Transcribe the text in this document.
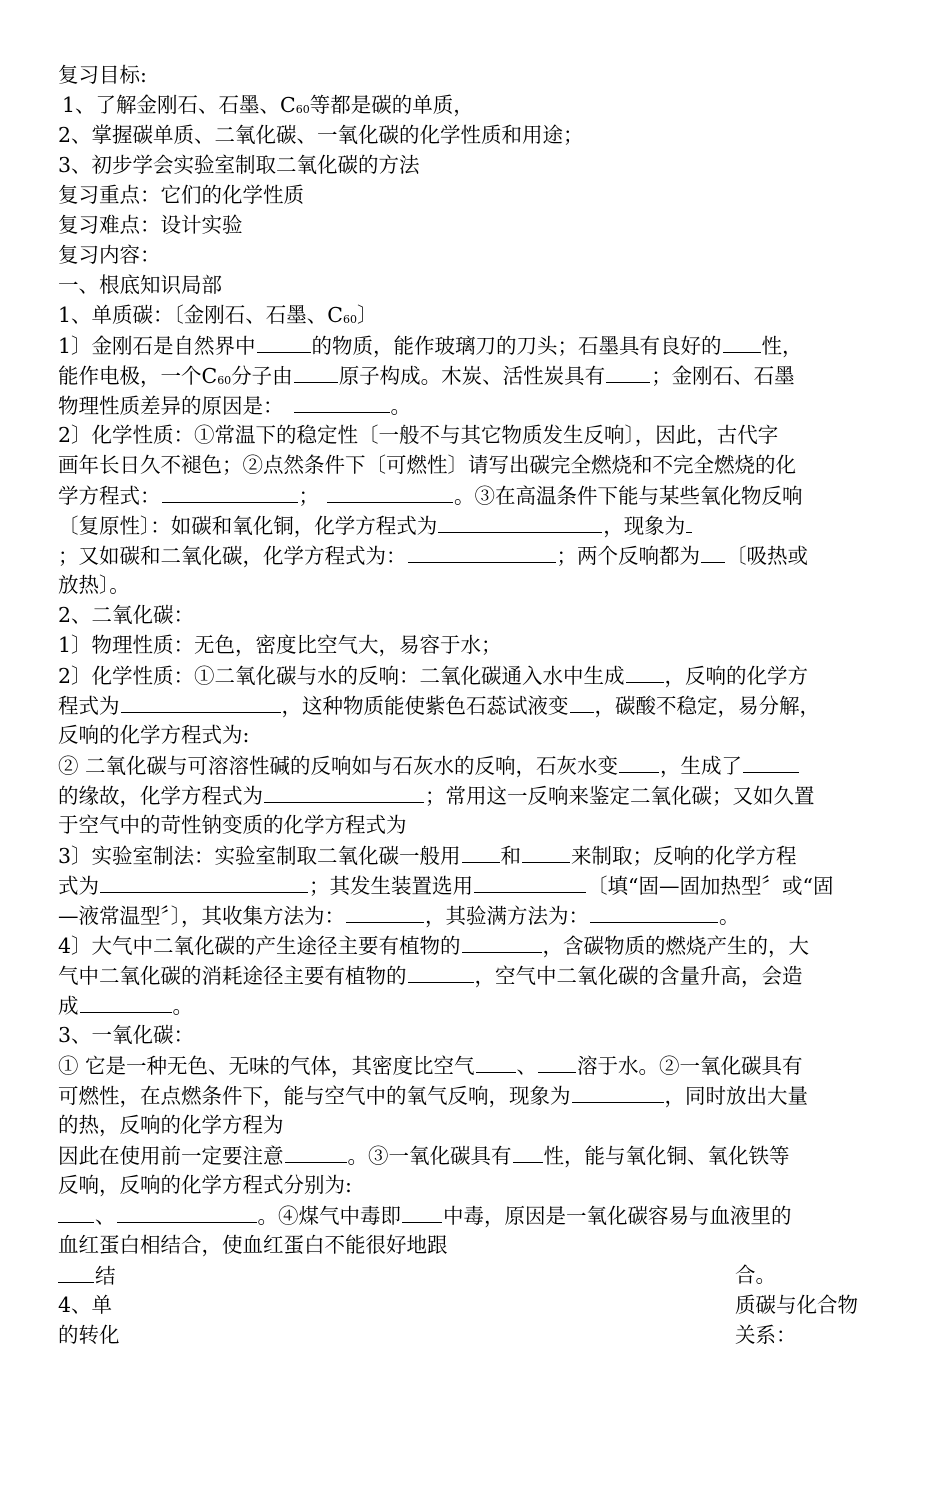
复习目标:
1、了解金刚石、石墨、$C_{60}$等都是碳的单质，
2、掌握碳单质、二氧化碳、一氧化碳的化学性质和用途；
3、初步学会实验室制取二氧化碳的方法
复习重点：它们的化学性质
复习难点：设计实验
复习内容：
一、根底知识局部
1、单质碳：〔金刚石、石墨、$C_{60}$〕
1〕金刚石是自然界中	的物质，能作玻璃刀的刀头；石墨具有良好的 性，
能作电极，一个$C_{60}$分子由 原子构成。木炭、活性炭具有 ；金刚石、石墨
物理性质差异的原因是：	。
2〕化学性质：①常温下的稳定性〔一般不与其它物质发生反响〕，因此，古代字
画年长日久不褪色；②点然条件下〔可燃性〕请写出碳完全燃烧和不完全燃烧的化
学方程式：	；	。③在高温条件下能与某些氧化物反响
〔复原性〕：如碳和氧化铜，化学方程式为	，现象为
；又如碳和二氧化碳，化学方程式为：	；两个反响都为 〔吸热或
放热〕。
2、二氧化碳：
1〕物理性质：无色，密度比空气大，易容于水；
2〕化学性质：①二氧化碳与水的反响：二氧化碳通入水中生成 ，反响的化学方
程式为	，这种物质能使紫色石蕊试液变 ，碳酸不稳定，易分解，
反响的化学方程式为:
② 二氧化碳与可溶溶性碱的反响如与石灰水的反响，石灰水变 ，生成了
的缘故，化学方程式为	；常用这一反响来鉴定二氧化碳；又如久置
于空气中的苛性钠变质的化学方程式为
3〕实验室制法：实验室制取二氧化碳一般用 和 来制取；反响的化学方程
式为	；其发生装置选用	〔填“固—固加热型〞或“固
—液常温型〞〕，其收集方法为：	，其验满方法为：	。
4〕大气中二氧化碳的产生途径主要有植物的	，含碳物质的燃烧产生的，大
气中二氧化碳的消耗途径主要有植物的	，空气中二氧化碳的含量升高，会造
成	。
3、一氧化碳：
① 它是一种无色、无味的气体，其密度比空气 、 溶于水。②一氧化碳具有
可燃性，在点燃条件下，能与空气中的氧气反响，现象为	，同时放出大量
的热，反响的化学方程为
因此在使用前一定要注意	。③一氧化碳具有 性，能与氧化铜、氧化铁等
反响，反响的化学方程式分别为:
、	。④煤气中毒即 中毒，原因是一氧化碳容易与血液里的
血红蛋白相结合，使血红蛋白不能很好地跟
结	合。
4、单	质碳与化合物
的转化	关系：
